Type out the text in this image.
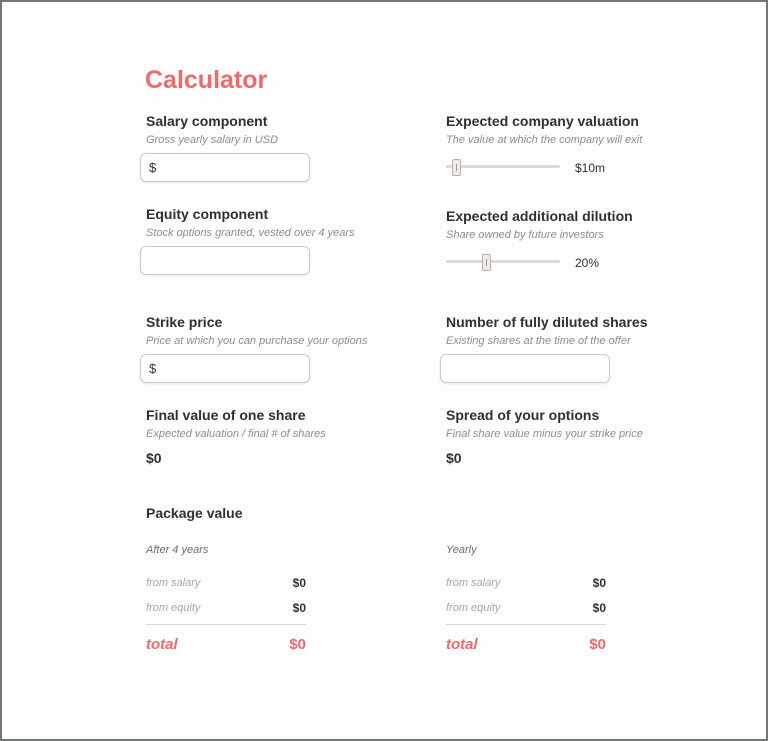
Calculator
Salary component
Gross yearly salary in USD
$
Equity component
Stock options granted, vested over 4 years
Strike price
Price at which you can purchase your options
$
Final value of one share
Expected valuation / final # of shares
$0
Expected company valuation
The value at which the company will exit
$10m
Expected additional dilution
Share owned by future investors
20%
Number of fully diluted shares
Existing shares at the time of the offer
Spread of your options
Final share value minus your strike price
$0
Package value
After 4 years
from salary	$0
from equity	$0
total	$0
Yearly
from salary	$0
from equity	$0
total	$0
